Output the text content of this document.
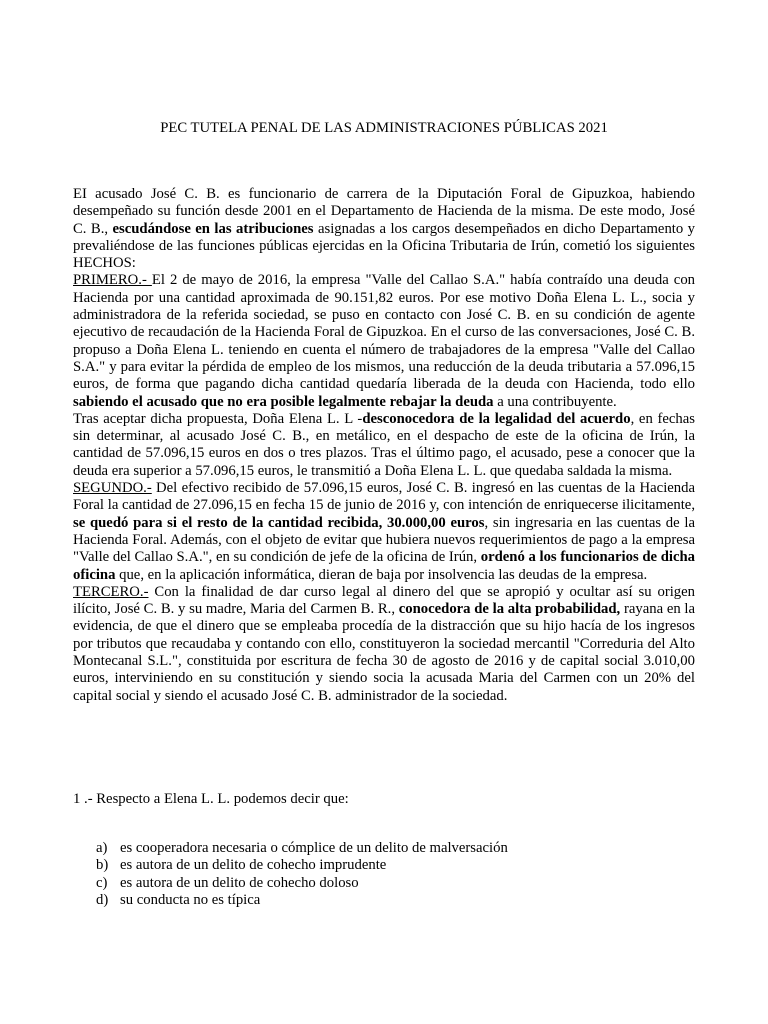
PEC TUTELA PENAL DE LAS ADMINISTRACIONES PÚBLICAS 2021

EI acusado José C. B. es funcionario de carrera de la Diputación Foral de Gipuzkoa, habiendo desempeñado su función desde 2001 en el Departamento de Hacienda de la misma. De este modo, José C. B., escudándose en las atribuciones asignadas a los cargos desempeñados en dicho Departamento y prevaliéndose de las funciones públicas ejercidas en la Oficina Tributaria de Irún, cometió los siguientes HECHOS:

PRIMERO.- El 2 de mayo de 2016, la empresa "Valle del Callao S.A." había contraído una deuda con Hacienda por una cantidad aproximada de 90.151,82 euros. Por ese motivo Doña Elena L. L., socia y administradora de la referida sociedad, se puso en contacto con José C. B. en su condición de agente ejecutivo de recaudación de la Hacienda Foral de Gipuzkoa. En el curso de las conversaciones, José C. B. propuso a Doña Elena L. teniendo en cuenta el número de trabajadores de la empresa "Valle del Callao S.A." y para evitar la pérdida de empleo de los mismos, una reducción de la deuda tributaria a 57.096,15 euros, de forma que pagando dicha cantidad quedaría liberada de la deuda con Hacienda, todo ello sabiendo el acusado que no era posible legalmente rebajar la deuda a una contribuyente.

Tras aceptar dicha propuesta, Doña Elena L. L -desconocedora de la legalidad del acuerdo, en fechas sin determinar, al acusado José C. B., en metálico, en el despacho de este de la oficina de Irún, la cantidad de 57.096,15 euros en dos o tres plazos. Tras el último pago, el acusado, pese a conocer que la deuda era superior a 57.096,15 euros, le transmitió a Doña Elena L. L. que quedaba saldada la misma.

SEGUNDO.- Del efectivo recibido de 57.096,15 euros, José C. B. ingresó en las cuentas de la Hacienda Foral la cantidad de 27.096,15 en fecha 15 de junio de 2016 y, con intención de enriquecerse ilicitamente, se quedó para si el resto de la cantidad recibida, 30.000,00 euros, sin ingresaria en las cuentas de la Hacienda Foral. Además, con el objeto de evitar que hubiera nuevos requerimientos de pago a la empresa "Valle del Callao S.A.", en su condición de jefe de la oficina de Irún, ordenó a los funcionarios de dicha oficina que, en la aplicación informática, dieran de baja por insolvencia las deudas de la empresa.

TERCERO.- Con la finalidad de dar curso legal al dinero del que se apropió y ocultar así su origen ilícito, José C. B. y su madre, Maria del Carmen B. R., conocedora de la alta probabilidad, rayana en la evidencia, de que el dinero que se empleaba procedía de la distracción que su hijo hacía de los ingresos por tributos que recaudaba y contando con ello, constituyeron la sociedad mercantil "Correduria del Alto Montecanal S.L.", constituida por escritura de fecha 30 de agosto de 2016 y de capital social 3.010,00 euros, interviniendo en su constitución y siendo socia la acusada Maria del Carmen con un 20% del capital social y siendo el acusado José C. B. administrador de la sociedad.

1 .- Respecto a Elena L. L. podemos decir que:

a) es cooperadora necesaria o cómplice de un delito de malversación
b) es autora de un delito de cohecho imprudente
c) es autora de un delito de cohecho doloso
d) su conducta no es típica
